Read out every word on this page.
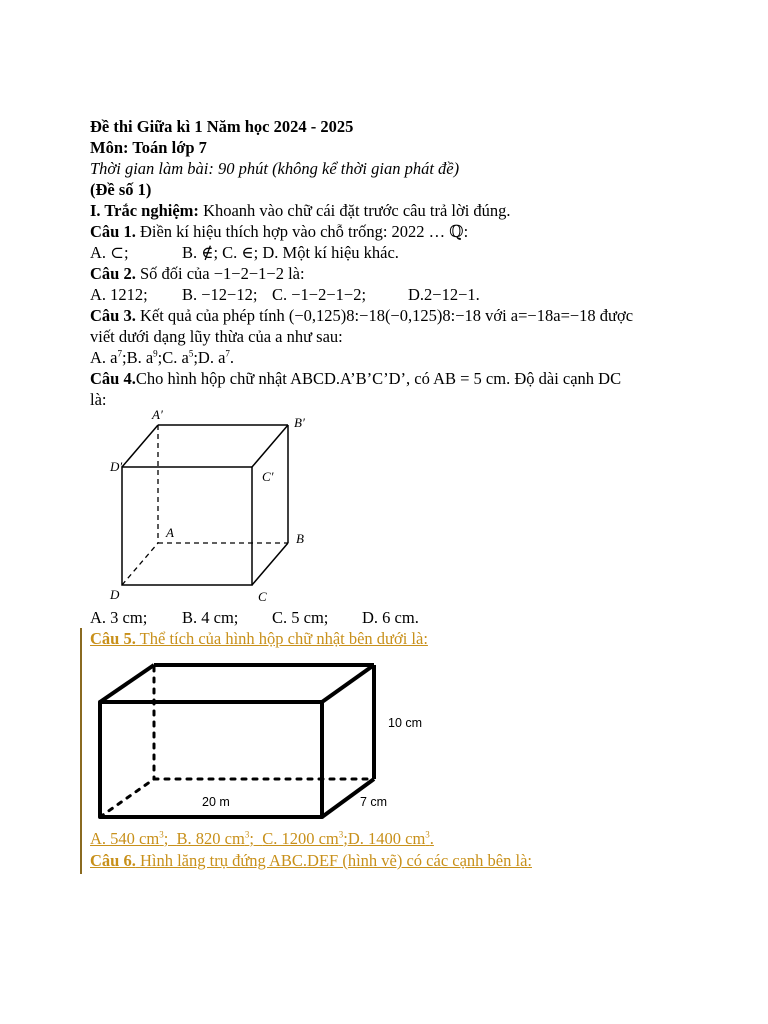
Đề thi Giữa kì 1 Năm học 2024 - 2025
Môn: Toán lớp 7
Thời gian làm bài: 90 phút (không kể thời gian phát đề)
(Đề số 1)
I. Trắc nghiệm: Khoanh vào chữ cái đặt trước câu trả lời đúng.
Câu 1. Điền kí hiệu thích hợp vào chỗ trống: 2022 … ℚ:
A. ⊂;	B. ∉; C. ∈; D. Một kí hiệu khác.
Câu 2. Số đối của −1−2−1−2 là:
A. 1212; B. −12−12; C. −1−2−1−2;	D.2−12−1.
Câu 3. Kết quả của phép tính (−0,125)8:−18(−0,125)8:−18 với a=−18a=−18 được
viết dưới dạng lũy thừa của a như sau:
A. $a^7;B$. $a^9;C$. $a^5;D$. $a^7$.
Câu 4.Cho hình hộp chữ nhật ABCD.A’B’C’D’, có AB = 5 cm. Độ dài cạnh DC
là:
A′
B′
C′
D′
A	B
C
D
A. 3 cm; B. 4 cm; C. 5 cm; D. 6 cm.
Câu 5. Thể tích của hình hộp chữ nhật bên dưới là:
10 cm
20 m	7 cm
A. 540 $cm^3$;  B. 820 $cm^3$;  C. 1200 $cm^3;D$. 1400 $cm^3$.
Câu 6. Hình lăng trụ đứng ABC.DEF (hình vẽ) có các cạnh bên là:
